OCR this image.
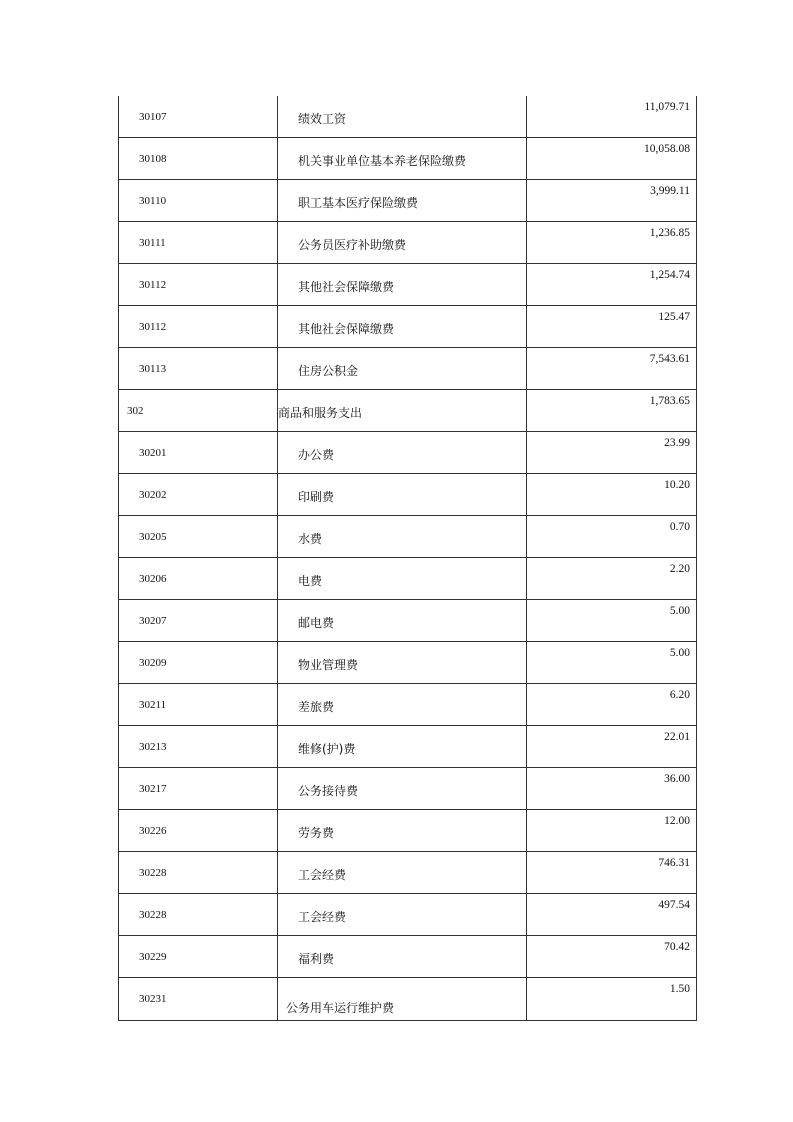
30107	绩效工资	11,079.71

30108	机关事业单位基本养老保险缴费	10,058.08

30110	职工基本医疗保险缴费	3,999.11

30111	公务员医疗补助缴费	1,236.85

30112	其他社会保障缴费	1,254.74

30112	其他社会保障缴费	125.47

30113	住房公积金	7,543.61

302	商品和服务支出	1,783.65

30201	办公费	23.99

30202	印刷费	10.20

30205	水费	0.70

30206	电费	2.20

30207	邮电费	5.00

30209	物业管理费	5.00

30211	差旅费	6.20

30213	维修(护)费	22.01

30217	公务接待费	36.00

30226	劳务费	12.00

30228	工会经费	746.31

30228	工会经费	497.54

30229	福利费	70.42

30231	公务用车运行维护费	1.50
